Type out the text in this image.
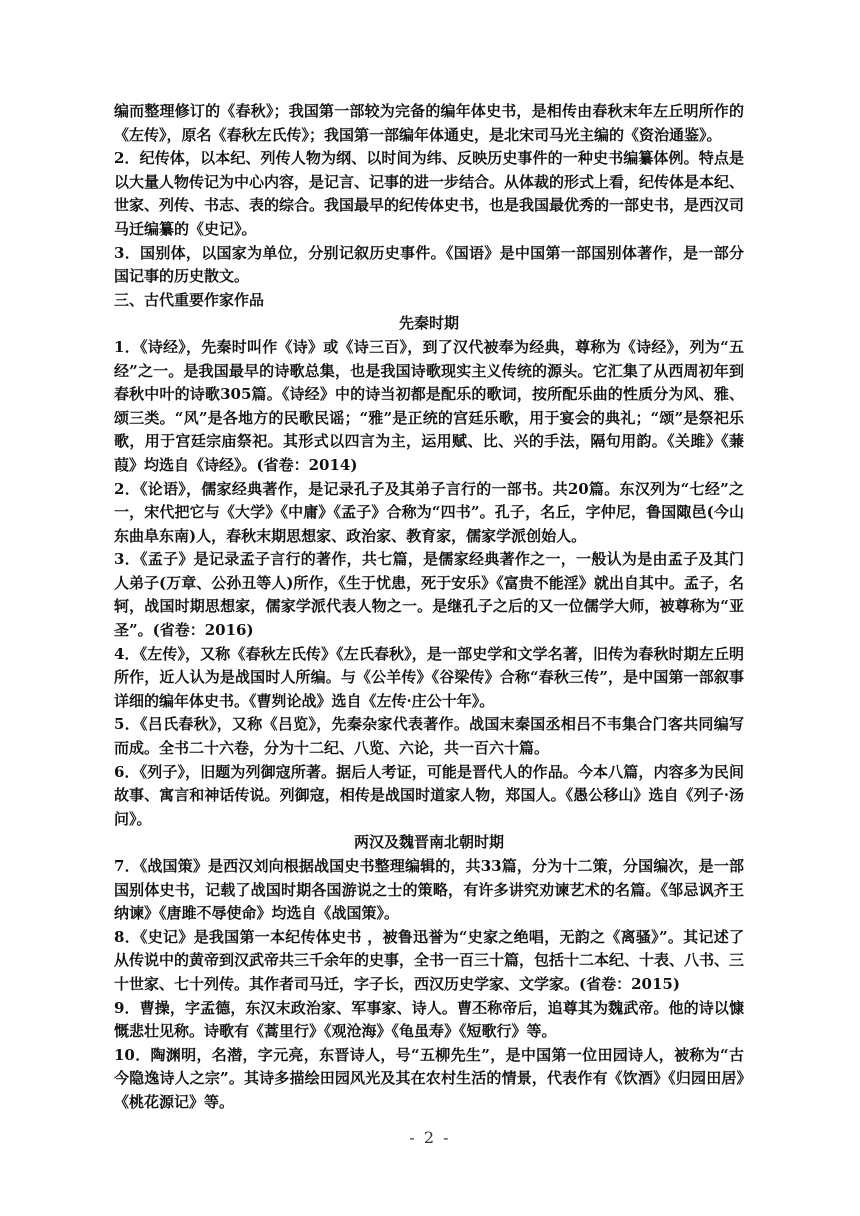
编而整理修订的《春秋》；我国第一部较为完备的编年体史书，是相传由春秋末年左丘明所作的《左传》，原名《春秋左氏传》；我国第一部编年体通史，是北宋司马光主编的《资治通鉴》。

2．纪传体，以本纪、列传人物为纲、以时间为纬、反映历史事件的一种史书编纂体例。特点是以大量人物传记为中心内容，是记言、记事的进一步结合。从体裁的形式上看，纪传体是本纪、世家、列传、书志、表的综合。我国最早的纪传体史书，也是我国最优秀的一部史书，是西汉司马迁编纂的《史记》。

3．国别体，以国家为单位，分别记叙历史事件。《国语》是中国第一部国别体著作，是一部分国记事的历史散文。

三、古代重要作家作品

先秦时期

1．《诗经》，先秦时叫作《诗》或《诗三百》，到了汉代被奉为经典，尊称为《诗经》，列为“五经”之一。是我国最早的诗歌总集，也是我国诗歌现实主义传统的源头。它汇集了从西周初年到春秋中叶的诗歌305篇。《诗经》中的诗当初都是配乐的歌词，按所配乐曲的性质分为风、雅、颂三类。“风”是各地方的民歌民谣；“雅”是正统的宫廷乐歌，用于宴会的典礼；“颂”是祭祀乐歌，用于宫廷宗庙祭祀。其形式以四言为主，运用赋、比、兴的手法，隔句用韵。《关雎》《蒹葭》均选自《诗经》。(省卷：2014)

2．《论语》，儒家经典著作，是记录孔子及其弟子言行的一部书。共20篇。东汉列为“七经”之一，宋代把它与《大学》《中庸》《孟子》合称为“四书”。孔子，名丘，字仲尼，鲁国陬邑(今山东曲阜东南)人，春秋末期思想家、政治家、教育家，儒家学派创始人。

3．《孟子》是记录孟子言行的著作，共七篇，是儒家经典著作之一，一般认为是由孟子及其门人弟子(万章、公孙丑等人)所作，《生于忧患，死于安乐》《富贵不能淫》就出自其中。孟子，名轲，战国时期思想家，儒家学派代表人物之一。是继孔子之后的又一位儒学大师，被尊称为“亚圣”。(省卷：2016)

4．《左传》，又称《春秋左氏传》《左氏春秋》，是一部史学和文学名著，旧传为春秋时期左丘明所作，近人认为是战国时人所编。与《公羊传》《谷梁传》合称“春秋三传”，是中国第一部叙事详细的编年体史书。《曹刿论战》选自《左传·庄公十年》。

5．《吕氏春秋》，又称《吕览》，先秦杂家代表著作。战国末秦国丞相吕不韦集合门客共同编写而成。全书二十六卷，分为十二纪、八览、六论，共一百六十篇。

6．《列子》，旧题为列御寇所著。据后人考证，可能是晋代人的作品。今本八篇，内容多为民间故事、寓言和神话传说。列御寇，相传是战国时道家人物，郑国人。《愚公移山》选自《列子·汤问》。

两汉及魏晋南北朝时期

7．《战国策》是西汉刘向根据战国史书整理编辑的，共33篇，分为十二策，分国编次，是一部国别体史书，记载了战国时期各国游说之士的策略，有许多讲究劝谏艺术的名篇。《邹忌讽齐王纳谏》《唐雎不辱使命》均选自《战国策》。

8．《史记》是我国第一本纪传体史书 ，被鲁迅誉为“史家之绝唱，无韵之《离骚》”。其记述了从传说中的黄帝到汉武帝共三千余年的史事，全书一百三十篇，包括十二本纪、十表、八书、三十世家、七十列传。其作者司马迁，字子长，西汉历史学家、文学家。(省卷：2015)

9．曹操，字孟德，东汉末政治家、军事家、诗人。曹丕称帝后，追尊其为魏武帝。他的诗以慷慨悲壮见称。诗歌有《蒿里行》《观沧海》《龟虽寿》《短歌行》等。

10．陶渊明，名潜，字元亮，东晋诗人，号“五柳先生”，是中国第一位田园诗人，被称为“古今隐逸诗人之宗”。其诗多描绘田园风光及其在农村生活的情景，代表作有《饮酒》《归园田居》《桃花源记》等。

- 2 -
